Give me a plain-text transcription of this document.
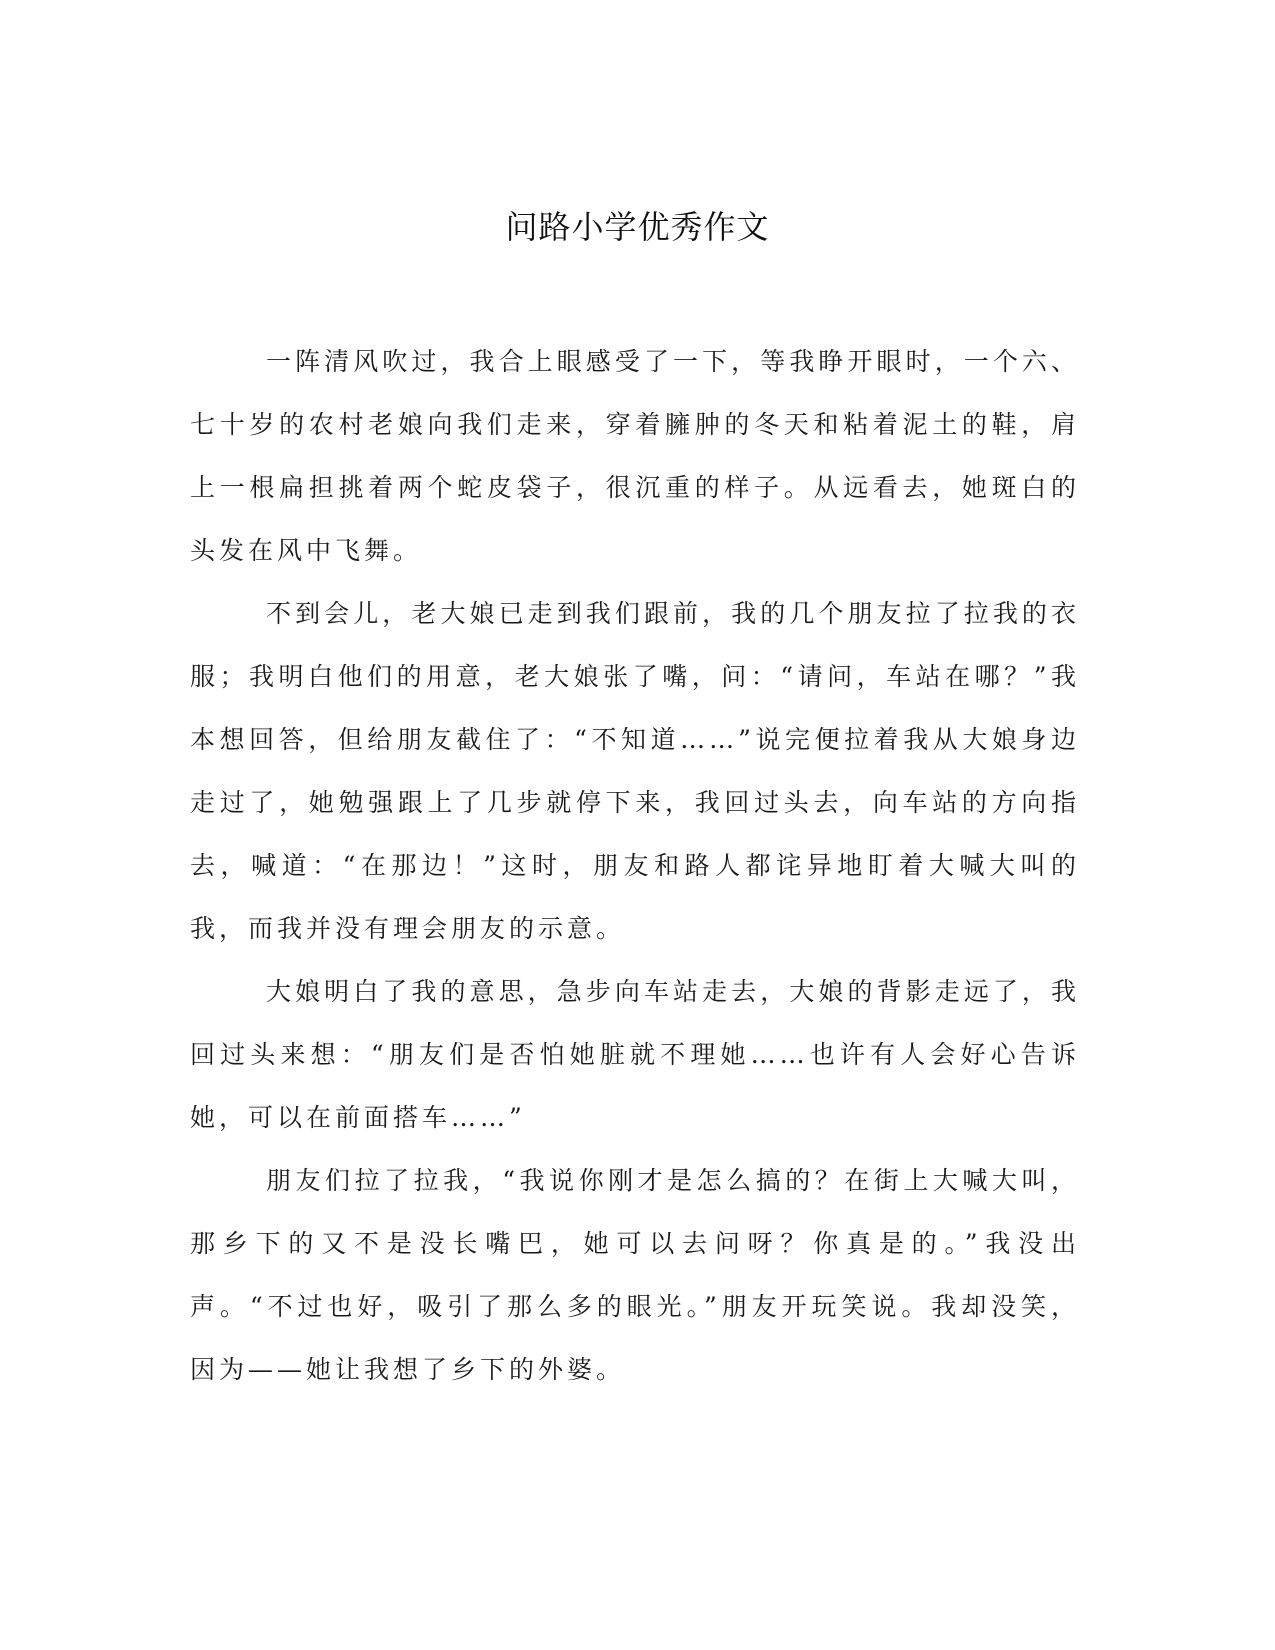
问路小学优秀作文

一阵清风吹过，我合上眼感受了一下，等我睁开眼时，一个六、七十岁的农村老娘向我们走来，穿着臃肿的冬天和粘着泥土的鞋，肩上一根扁担挑着两个蛇皮袋子，很沉重的样子。从远看去，她斑白的头发在风中飞舞。

不到会儿，老大娘已走到我们跟前，我的几个朋友拉了拉我的衣服；我明白他们的用意，老大娘张了嘴，问：“请问，车站在哪？”我本想回答，但给朋友截住了：“不知道……”说完便拉着我从大娘身边走过了，她勉强跟上了几步就停下来，我回过头去，向车站的方向指去，喊道：“在那边！”这时，朋友和路人都诧异地盯着大喊大叫的我，而我并没有理会朋友的示意。

大娘明白了我的意思，急步向车站走去，大娘的背影走远了，我回过头来想：“朋友们是否怕她脏就不理她……也许有人会好心告诉她，可以在前面搭车……”

朋友们拉了拉我，“我说你刚才是怎么搞的？在街上大喊大叫，那乡下的又不是没长嘴巴，她可以去问呀？你真是的。”我没出声。“不过也好，吸引了那么多的眼光。”朋友开玩笑说。我却没笑，因为——她让我想了乡下的外婆。
